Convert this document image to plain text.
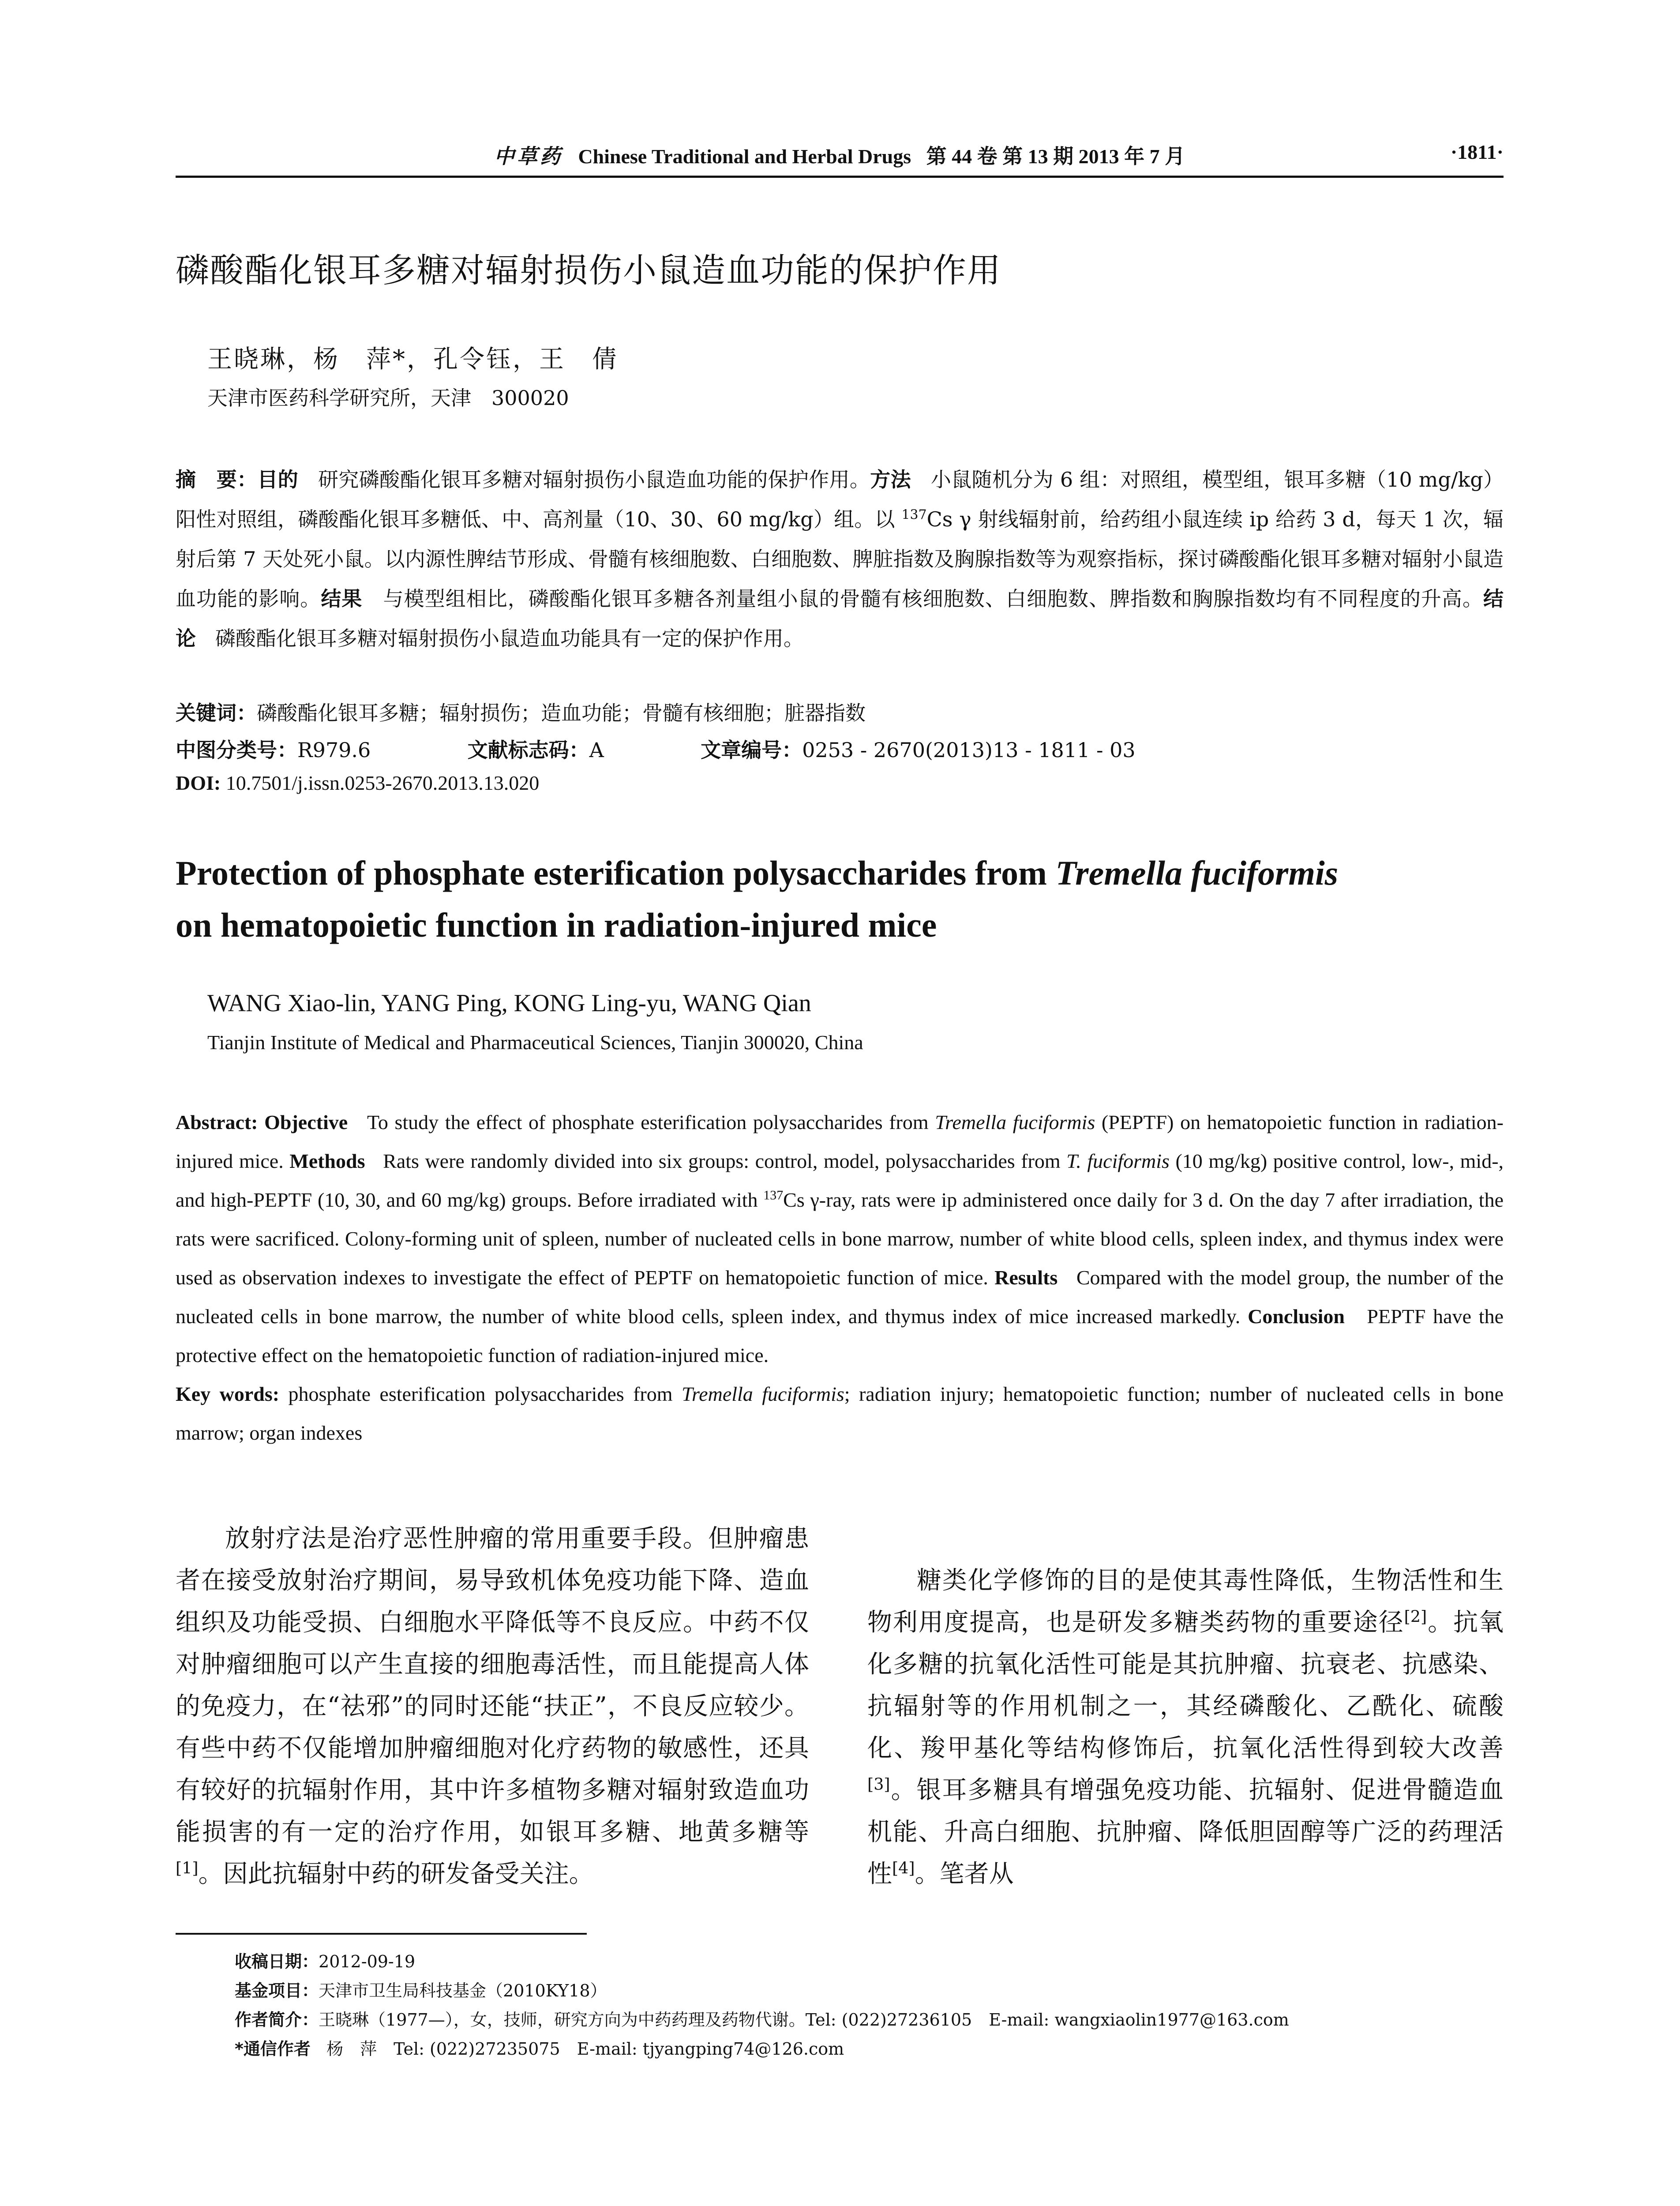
中草药 Chinese Traditional and Herbal Drugs 第 44 卷 第 13 期 2013 年 7 月	·1811·
磷酸酯化银耳多糖对辐射损伤小鼠造血功能的保护作用
王晓琳，杨　萍*，孔令钰，王　倩
天津市医药科学研究所，天津　300020
摘　要：目的 研究磷酸酯化银耳多糖对辐射损伤小鼠造血功能的保护作用。方法 小鼠随机分为 6 组：对照组，模型组，银耳多糖（10 mg/kg）阳性对照组，磷酸酯化银耳多糖低、中、高剂量（10、30、60 mg/kg）组。以 $^{137}$Cs γ 射线辐射前，给药组小鼠连续 ip 给药 3 d，每天 1 次，辐射后第 7 天处死小鼠。以内源性脾结节形成、骨髓有核细胞数、白细胞数、脾脏指数及胸腺指数等为观察指标，探讨磷酸酯化银耳多糖对辐射小鼠造血功能的影响。结果 与模型组相比，磷酸酯化银耳多糖各剂量组小鼠的骨髓有核细胞数、白细胞数、脾指数和胸腺指数均有不同程度的升高。结论 磷酸酯化银耳多糖对辐射损伤小鼠造血功能具有一定的保护作用。
关键词：磷酸酯化银耳多糖；辐射损伤；造血功能；骨髓有核细胞；脏器指数
中图分类号：R979.6	文献标志码：A	文章编号：0253 - 2670(2013)13 - 1811 - 03
DOI: 10.7501/j.issn.0253-2670.2013.13.020
Protection of phosphate esterification polysaccharides from Tremella fuciformis
on hematopoietic function in radiation-injured mice
WANG Xiao-lin, YANG Ping, KONG Ling-yu, WANG Qian
Tianjin Institute of Medical and Pharmaceutical Sciences, Tianjin 300020, China
Abstract: Objective To study the effect of phosphate esterification polysaccharides from Tremella fuciformis (PEPTF) on hematopoietic function in radiation-injured mice. Methods Rats were randomly divided into six groups: control, model, polysaccharides from T. fuciformis (10 mg/kg) positive control, low-, mid-, and high-PEPTF (10, 30, and 60 mg/kg) groups. Before irradiated with $^{137}$Cs γ-ray, rats were ip administered once daily for 3 d. On the day 7 after irradiation, the rats were sacrificed. Colony-forming unit of spleen, number of nucleated cells in bone marrow, number of white blood cells, spleen index, and thymus index were used as observation indexes to investigate the effect of PEPTF on hematopoietic function of mice. Results Compared with the model group, the number of the nucleated cells in bone marrow, the number of white blood cells, spleen index, and thymus index of mice increased markedly. Conclusion PEPTF have the protective effect on the hematopoietic function of radiation-injured mice.
Key words: phosphate esterification polysaccharides from Tremella fuciformis; radiation injury; hematopoietic function; number of nucleated cells in bone marrow; organ indexes
放射疗法是治疗恶性肿瘤的常用重要手段。但肿瘤患者在接受放射治疗期间，易导致机体免疫功能下降、造血组织及功能受损、白细胞水平降低等不良反应。中药不仅对肿瘤细胞可以产生直接的细胞毒活性，而且能提高人体的免疫力，在“祛邪”的同时还能“扶正”，不良反应较少。有些中药不仅能增加肿瘤细胞对化疗药物的敏感性，还具有较好的抗辐射作用，其中许多植物多糖对辐射致造血功能损害的有一定的治疗作用，如银耳多糖、地黄多糖等[1]。因此抗辐射中药的研发备受关注。
糖类化学修饰的目的是使其毒性降低，生物活性和生物利用度提高，也是研发多糖类药物的重要途径[2]。抗氧化多糖的抗氧化活性可能是其抗肿瘤、抗衰老、抗感染、抗辐射等的作用机制之一，其经磷酸化、乙酰化、硫酸化、羧甲基化等结构修饰后，抗氧化活性得到较大改善[3]。银耳多糖具有增强免疫功能、抗辐射、促进骨髓造血机能、升高白细胞、抗肿瘤、降低胆固醇等广泛的药理活性[4]。笔者从
收稿日期：2012-09-19
基金项目：天津市卫生局科技基金（2010KY18）
作者简介：王晓琳（1977—），女，技师，研究方向为中药药理及药物代谢。Tel: (022)27236105　E-mail: wangxiaolin1977@163.com
*通信作者 杨　萍　Tel: (022)27235075　E-mail: tjyangping74@126.com
